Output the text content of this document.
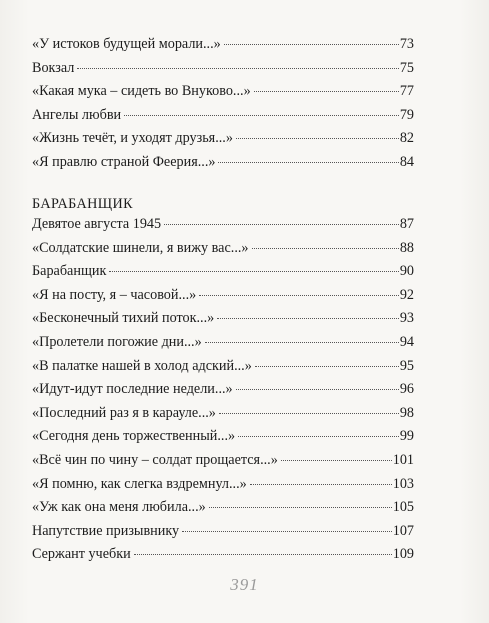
«У истоков будущей морали...»	73
Вокзал	75
«Какая мука – сидеть во Внуково...»	77
Ангелы любви	79
«Жизнь течёт, и уходят друзья...»	82
«Я правлю страной Феерия...»	84
БАРАБАНЩИК
Девятое августа 1945	87
«Солдатские шинели, я вижу вас...»	88
Барабанщик	90
«Я на посту, я – часовой...»	92
«Бесконечный тихий поток...»	93
«Пролетели погожие дни...»	94
«В палатке нашей в холод адский...»	95
«Идут-идут последние недели...»	96
«Последний раз я в карауле...»	98
«Сегодня день торжественный...»	99
«Всё чин по чину – солдат прощается...»	101
«Я помню, как слегка вздремнул...»	103
«Уж как она меня любила...»	105
Напутствие призывнику	107
Сержант учебки	109
391
